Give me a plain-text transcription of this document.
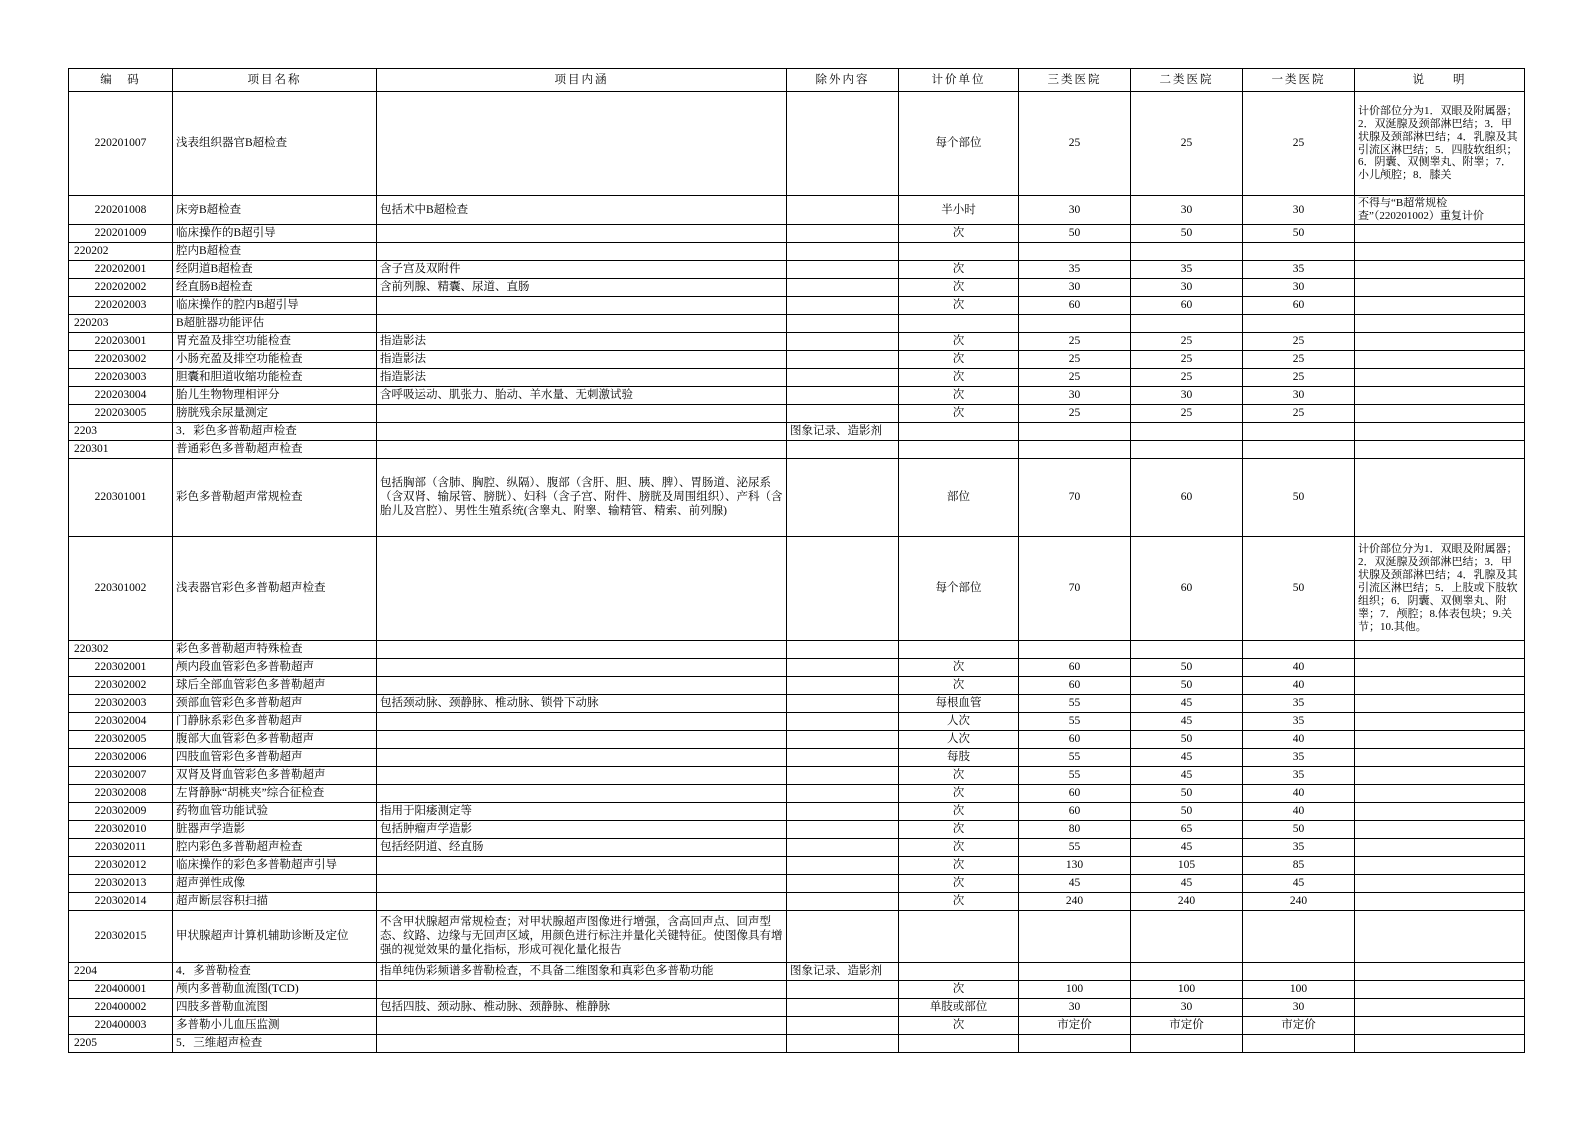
编　码	项目名称	项目内涵	除外内容	计价单位	三类医院	二类医院	一类医院	说　　明
220201007	浅表组织器官B超检查			每个部位	25	25	25	计价部位分为1．双眼及附属器；2．双涎腺及颈部淋巴结；3．甲状腺及颈部淋巴结；4．乳腺及其引流区淋巴结；5．四肢软组织；6．阴囊、双侧睾丸、附睾；7．小儿颅腔；8．膝关

220201008	床旁B超检查	包括术中B超检查		半小时	30	30	30	不得与“B超常规检查”（220201002）重复计价

220201009	临床操作的B超引导			次	50	50	50	

220202	腔内B超检查	

220202001	经阴道B超检查	含子宫及双附件		次	35	35	35	

220202002	经直肠B超检查	含前列腺、精囊、尿道、直肠		次	30	30	30	

220202003	临床操作的腔内B超引导			次	60	60	60	

220203	B超脏器功能评估	

220203001	胃充盈及排空功能检查	指造影法		次	25	25	25	

220203002	小肠充盈及排空功能检查	指造影法		次	25	25	25	

220203003	胆囊和胆道收缩功能检查	指造影法		次	25	25	25	

220203004	胎儿生物物理相评分	含呼吸运动、肌张力、胎动、羊水量、无刺激试验		次	30	30	30	

220203005	膀胱残余尿量测定			次	25	25	25	

2203	3．彩色多普勒超声检查		图象记录、造影剂					

220301	普通彩色多普勒超声检查	

220301001	彩色多普勒超声常规检查	包括胸部（含肺、胸腔、纵隔）、腹部（含肝、胆、胰、脾）、胃肠道、泌尿系（含双肾、输尿管、膀胱）、妇科（含子宫、附件、膀胱及周围组织）、产科（含胎儿及宫腔）、男性生殖系统(含睾丸、附睾、输精管、精索、前列腺)		部位	70	60	50	

220301002	浅表器官彩色多普勒超声检查			每个部位	70	60	50	计价部位分为1．双眼及附属器；2．双涎腺及颈部淋巴结；3．甲状腺及颈部淋巴结；4．乳腺及其引流区淋巴结；5．上肢或下肢软组织；6．阴囊、双侧睾丸、附睾；7．颅腔；8.体表包块；9.关节；10.其他。

220302	彩色多普勒超声特殊检查	

220302001	颅内段血管彩色多普勒超声			次	60	50	40	

220302002	球后全部血管彩色多普勒超声			次	60	50	40	

220302003	颈部血管彩色多普勒超声	包括颈动脉、颈静脉、椎动脉、锁骨下动脉		每根血管	55	45	35	

220302004	门静脉系彩色多普勒超声			人次	55	45	35	

220302005	腹部大血管彩色多普勒超声			人次	60	50	40	

220302006	四肢血管彩色多普勒超声			每肢	55	45	35	

220302007	双肾及肾血管彩色多普勒超声			次	55	45	35	

220302008	左肾静脉“胡桃夹”综合征检查			次	60	50	40	

220302009	药物血管功能试验	指用于阳痿测定等		次	60	50	40	

220302010	脏器声学造影	包括肿瘤声学造影		次	80	65	50	

220302011	腔内彩色多普勒超声检查	包括经阴道、经直肠		次	55	45	35	

220302012	临床操作的彩色多普勒超声引导			次	130	105	85	

220302013	超声弹性成像			次	45	45	45	

220302014	超声断层容积扫描			次	240	240	240	

220302015	甲状腺超声计算机辅助诊断及定位	不含甲状腺超声常规检查；对甲状腺超声图像进行增强，含高回声点、回声型态、纹路、边缘与无回声区域，用颜色进行标注并量化关键特征。使图像具有增强的视觉效果的量化指标，形成可视化量化报告						

2204	4．多普勒检查	指单纯伪彩频谱多普勒检查，不具备二维图象和真彩色多普勒功能	图象记录、造影剂					

220400001	颅内多普勒血流图(TCD)			次	100	100	100	

220400002	四肢多普勒血流图	包括四肢、颈动脉、椎动脉、颈静脉、椎静脉		单肢或部位	30	30	30	

220400003	多普勒小儿血压监测			次	市定价	市定价	市定价	

2205	5．三维超声检查	
